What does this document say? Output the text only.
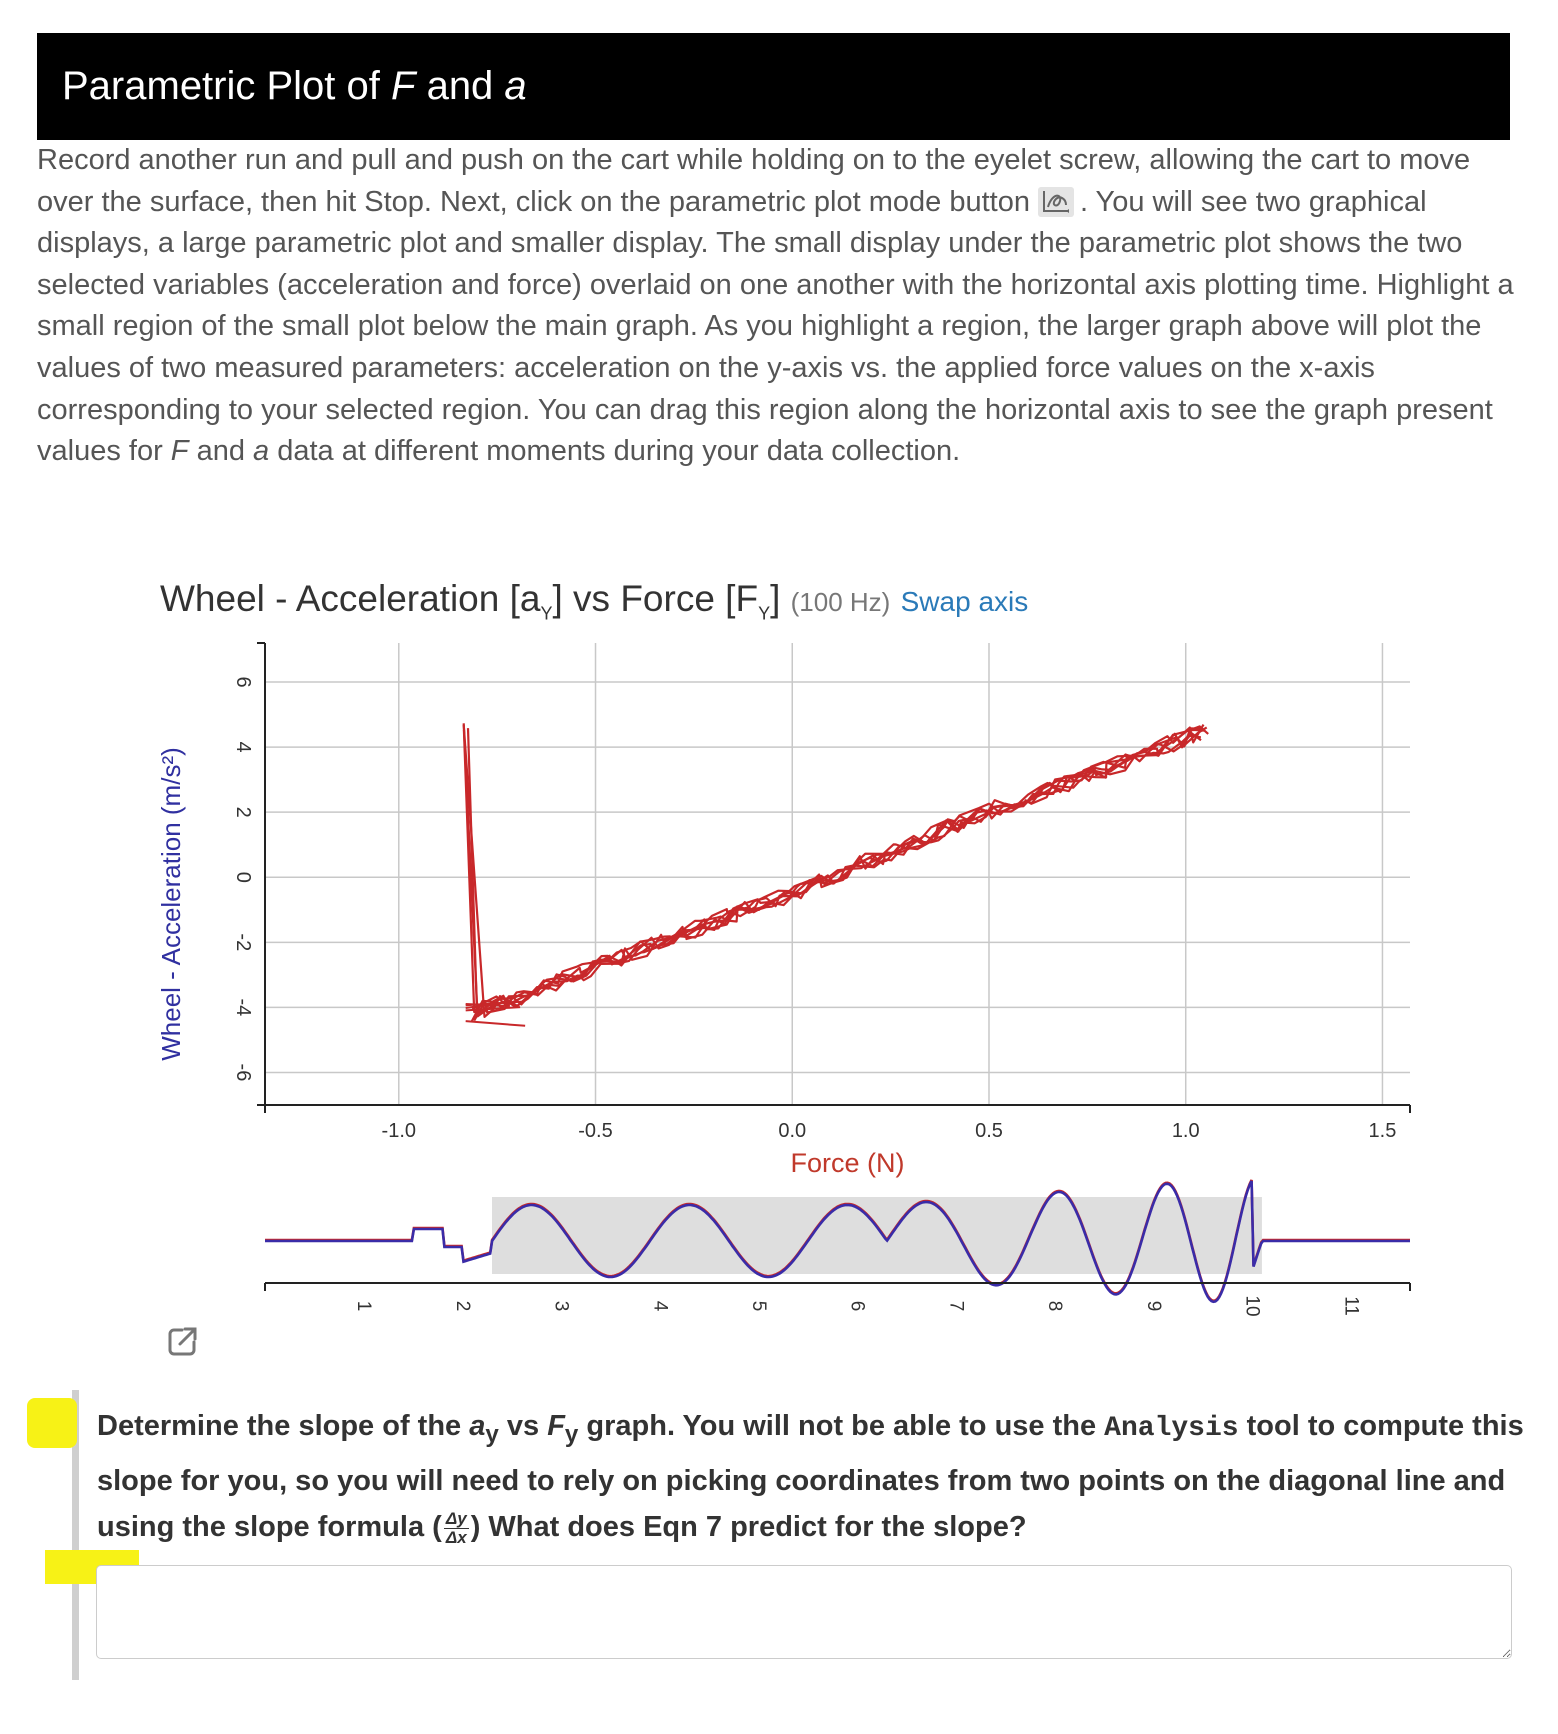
Parametric Plot of F and a
Record another run and pull and push on the cart while holding on to the eyelet screw, allowing the cart to move over the surface, then hit Stop. Next, click on the parametric plot mode button . You will see two graphical displays, a large parametric plot and smaller display. The small display under the parametric plot shows the two selected variables (acceleration and force) overlaid on one another with the horizontal axis plotting time. Highlight a small region of the small plot below the main graph. As you highlight a region, the larger graph above will plot the values of two measured parameters: acceleration on the y-axis vs. the applied force values on the x-axis corresponding to your selected region. You can drag this region along the horizontal axis to see the graph present values for F and a data at different moments during your data collection.
Wheel - Acceleration $[a_Y]$ vs Force $[F_Y]$ (100 Hz) Swap axis
-1.0	-0.5	0.0	0.5	1.0	1.5
6
4
2
0
-2
-4
-6
Force (N)
Wheel - Acceleration (m/s²)
1	2	3	4	5	6	7	8	9	10	11
Determine the slope of the $a_y$ vs $F_y$ graph. You will not be able to use the Analysis tool to compute this slope for you, so you will need to rely on picking coordinates from two points on the diagonal line and using the slope formula ( $\frac{\Delta y}{\Delta x}$ ) What does Eqn 7 predict for the slope?
